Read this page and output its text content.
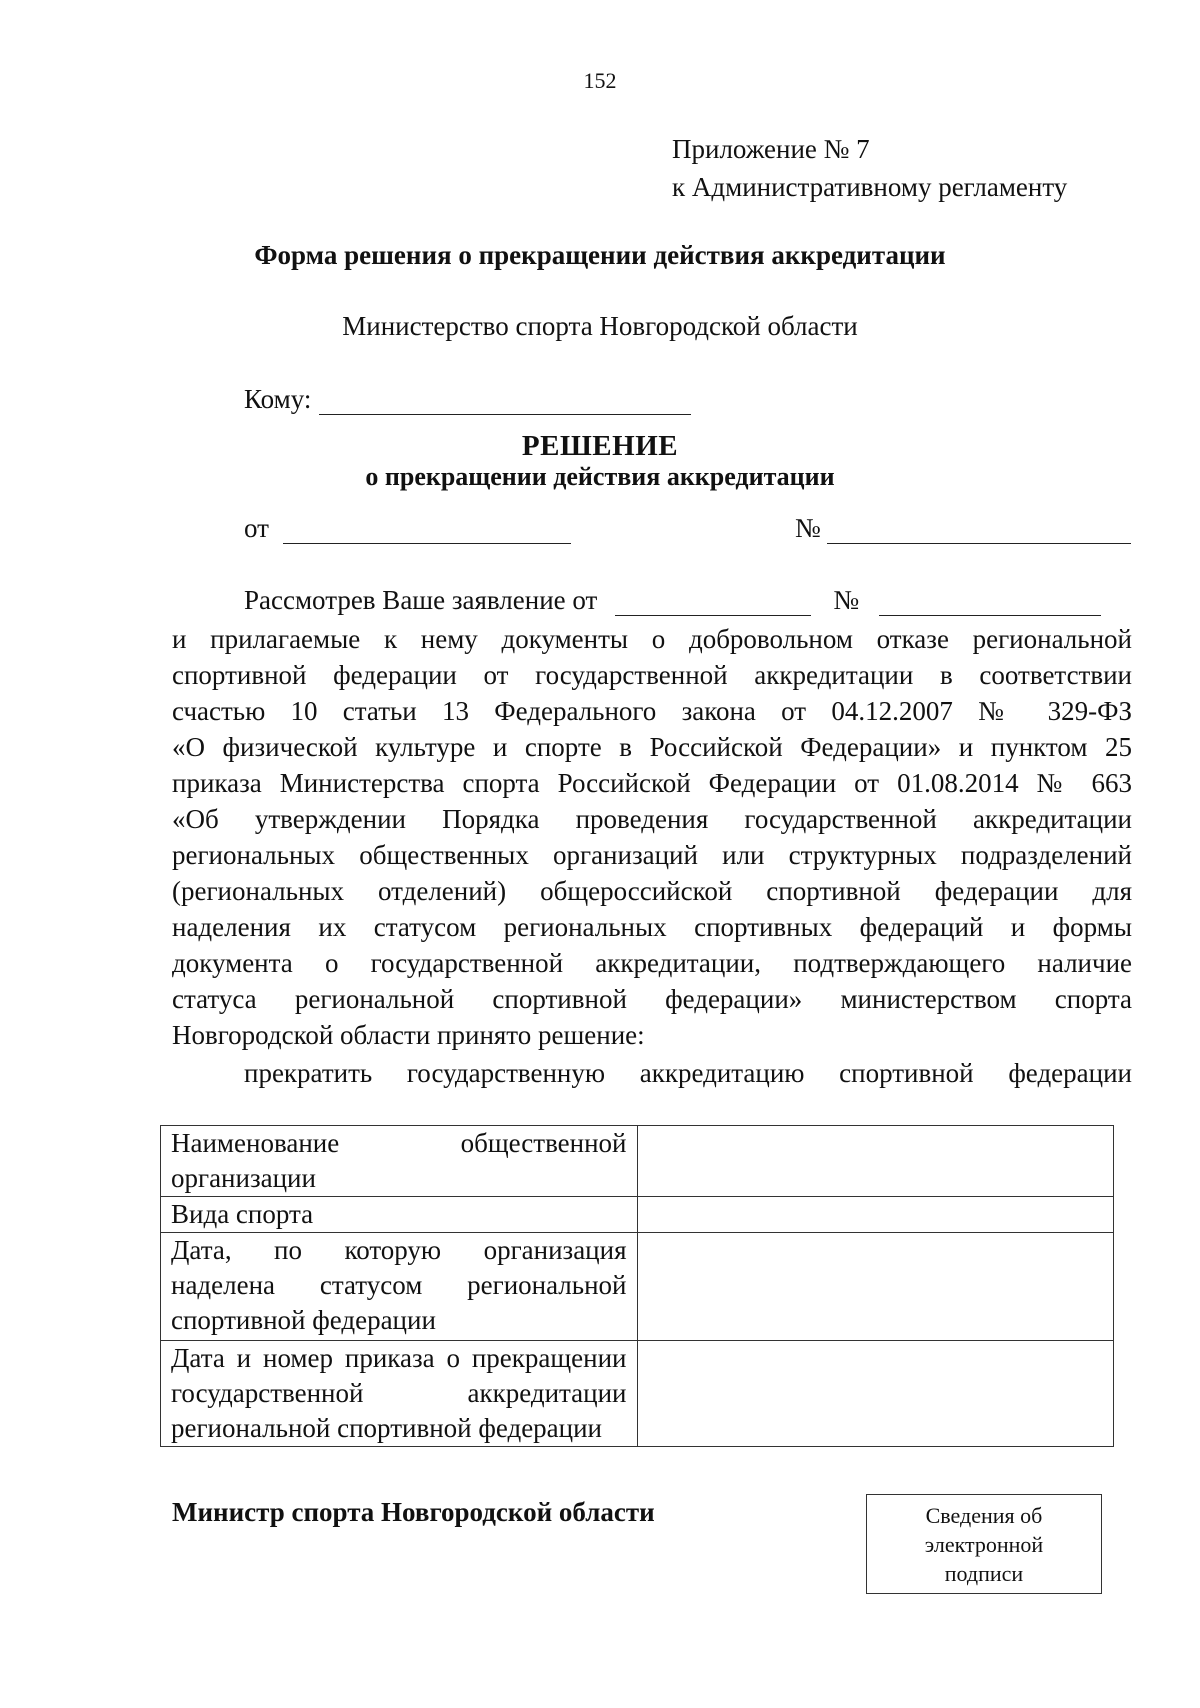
152
Приложение № 7
к Административному регламенту
Форма решения о прекращении действия аккредитации
Министерство спорта Новгородской области
Кому:
РЕШЕНИЕ
о прекращении действия аккредитации
от	№
Рассмотрев Ваше заявление от	№
и прилагаемые к нему документы о добровольном отказе региональной
спортивной федерации от государственной аккредитации в соответствии
счастью 10 статьи 13 Федерального закона от 04.12.2007 № 329-ФЗ
«О физической культуре и спорте в Российской Федерации» и пунктом 25
приказа Министерства спорта Российской Федерации от 01.08.2014 № 663
«Об утверждении Порядка проведения государственной аккредитации
региональных общественных организаций или структурных подразделений
(региональных отделений) общероссийской спортивной федерации для
наделения их статусом региональных спортивных федераций и формы
документа о государственной аккредитации, подтверждающего наличие
статуса региональной спортивной федерации» министерством спорта
Новгородской области принято решение:
прекратить государственную аккредитацию спортивной федерации
Наименование общественной организации	
Вида спорта	
Дата, по которую организация наделена статусом региональной спортивной федерации	
Дата и номер приказа о прекращении государственной аккредитации региональной спортивной федерации	
Министр спорта Новгородской области	Сведения об
электронной
подписи
